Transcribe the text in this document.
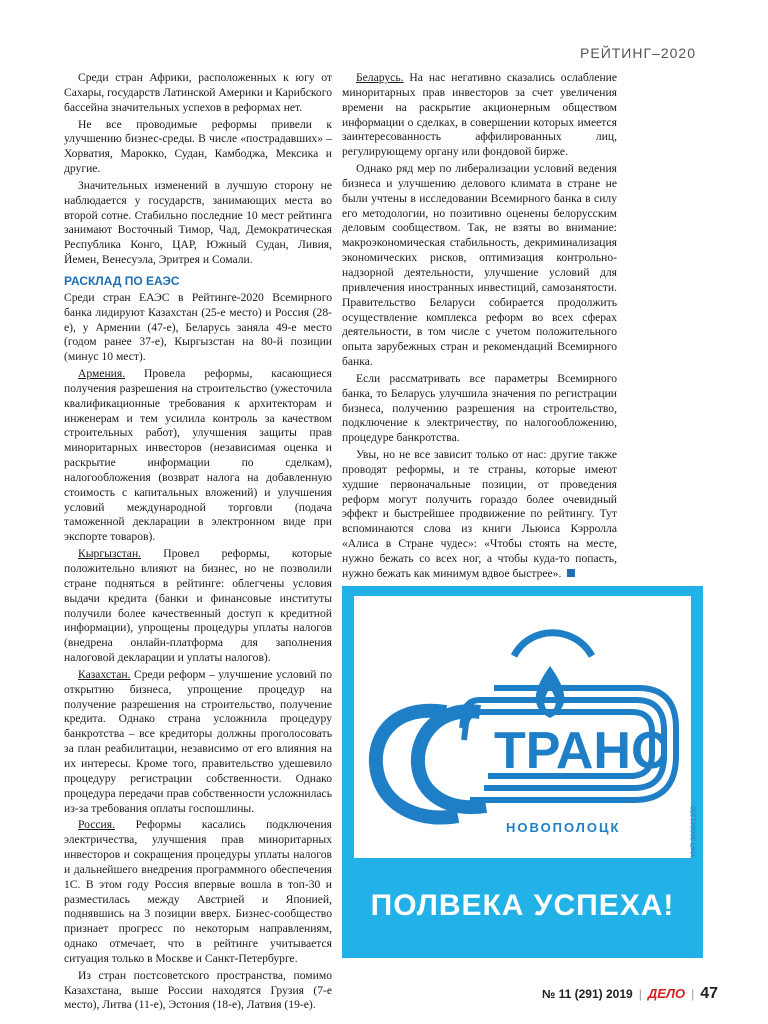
РЕЙТИНГ–2020

Среди стран Африки, расположенных к югу от Сахары, государств Латинской Америки и Карибского бассейна значительных успехов в реформах нет.

Не все проводимые реформы привели к улучшению бизнес-среды. В числе «пострадавших» – Хорватия, Марокко, Судан, Камбоджа, Мексика и другие.

Значительных изменений в лучшую сторону не наблюдается у государств, занимающих места во второй сотне. Стабильно последние 10 мест рейтинга занимают Восточный Тимор, Чад, Демократическая Республика Конго, ЦАР, Южный Судан, Ливия, Йемен, Венесуэла, Эритрея и Сомали.

РАСКЛАД ПО ЕАЭС

Среди стран ЕАЭС в Рейтинге-2020 Всемирного банка лидируют Казахстан (25-е место) и Россия (28-е), у Армении (47-е), Беларусь заняла 49-е место (годом ранее 37-е), Кыргызстан на 80-й позиции (минус 10 мест).

Армения. Провела реформы, касающиеся получения разрешения на строительство (ужесточила квалификационные требования к архитекторам и инженерам и тем усилила контроль за качеством строительных работ), улучшения защиты прав миноритарных инвесторов (независимая оценка и раскрытие информации по сделкам), налогообложения (возврат налога на добавленную стоимость с капитальных вложений) и улучшения условий международной торговли (подача таможенной декларации в электронном виде при экспорте товаров).

Кыргызстан. Провел реформы, которые положительно влияют на бизнес, но не позволили стране подняться в рейтинге: облегчены условия выдачи кредита (банки и финансовые институты получили более качественный доступ к кредитной информации), упрощены процедуры уплаты налогов (внедрена онлайн-платформа для заполнения налоговой декларации и уплаты налогов).

Казахстан. Среди реформ – улучшение условий по открытию бизнеса, упрощение процедур на получение разрешения на строительство, получение кредита. Однако страна усложнила процедуру банкротства – все кредиторы должны проголосовать за план реабилитации, независимо от его влияния на их интересы. Кроме того, правительство удешевило процедуру регистрации собственности. Однако процедура передачи прав собственности усложнилась из-за требования оплаты госпошлины.

Россия. Реформы касались подключения электричества, улучшения прав миноритарных инвесторов и сокращения процедуры уплаты налогов и дальнейшего внедрения программного обеспечения 1С. В этом году Россия впервые вошла в топ-30 и разместилась между Австрией и Японией, поднявшись на 3 позиции вверх. Бизнес-сообщество признает прогресс по некоторым направлениям, однако отмечает, что в рейтинге учитывается ситуация только в Москве и Санкт-Петербурге.

Из стран постсоветского пространства, помимо Казахстана, выше России находятся Грузия (7-е место), Литва (11-е), Эстония (18-е), Латвия (19-е).

Беларусь. На нас негативно сказались ослабление миноритарных прав инвесторов за счет увеличения времени на раскрытие акционерным обществом информации о сделках, в совершении которых имеется заинтересованность аффилированных лиц, регулирующему органу или фондовой бирже.

Однако ряд мер по либерализации условий ведения бизнеса и улучшению делового климата в стране не были учтены в исследовании Всемирного банка в силу его методологии, но позитивно оценены белорусским деловым сообществом. Так, не взяты во внимание: макроэкономическая стабильность, декриминализация экономических рисков, оптимизация контрольно-надзорной деятельности, улучшение условий для привлечения иностранных инвестиций, самозанятости. Правительство Беларуси собирается продолжить осуществление комплекса реформ во всех сферах деятельности, в том числе с учетом положительного опыта зарубежных стран и рекомендаций Всемирного банка.

Если рассматривать все параметры Всемирного банка, то Беларусь улучшила значения по регистрации бизнеса, получению разрешения на строительство, подключение к электричеству, по налогообложению, процедуре банкротства.

Увы, но не все зависит только от нас: другие также проводят реформы, и те страны, которые имеют худшие первоначальные позиции, от проведения реформ могут получить гораздо более очевидный эффект и быстрейшее продвижение по рейтингу. Тут вспоминаются слова из книги Льюиса Кэрролла «Алиса в Стране чудес»: «Чтобы стоять на месте, нужно бежать со всех ног, а чтобы куда-то попасть, нужно бежать как минимум вдвое быстрее».

ТРАНС
НОВОПОЛОЦК	УНП 300041350
ПОЛВЕКА УСПЕХА!
№ 11 (291) 2019 | ДЕЛО | 47
